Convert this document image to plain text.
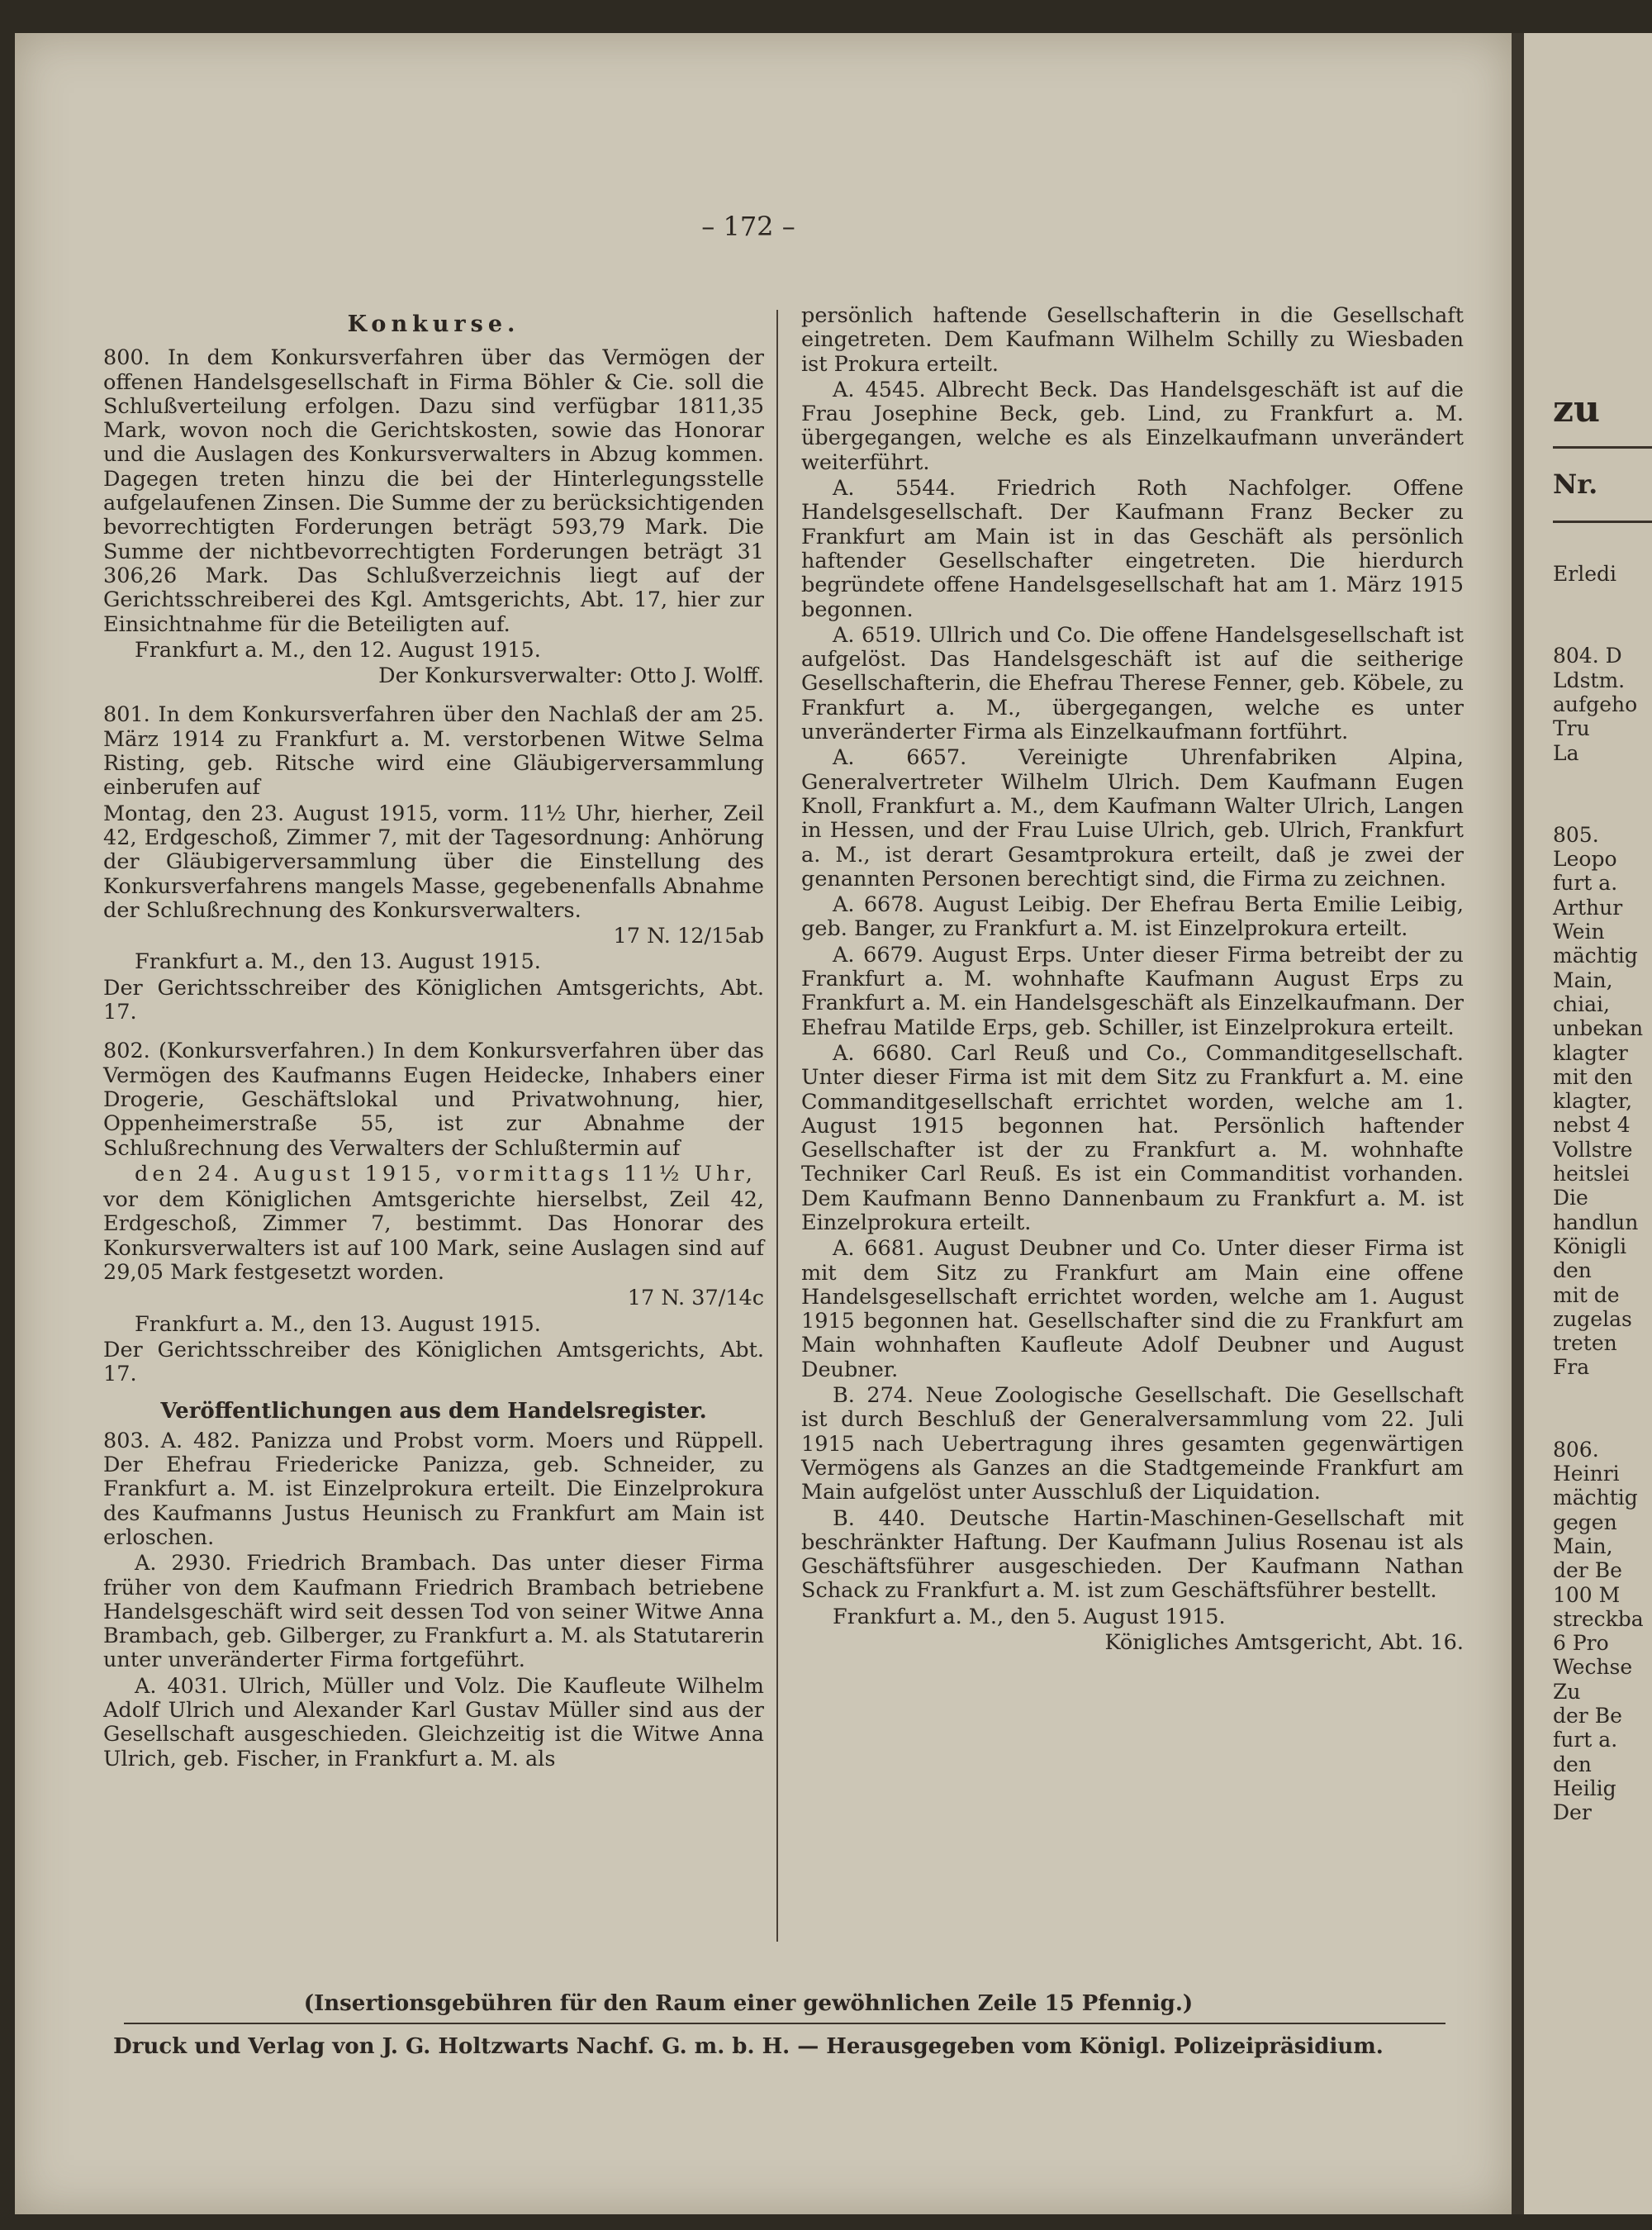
– 172 –
Konkurse.

800. In dem Konkursverfahren über das Vermögen der offenen Handelsgesellschaft in Firma Böhler & Cie. soll die Schlußverteilung erfolgen. Dazu sind verfügbar 1811,35 Mark, wovon noch die Gerichtskosten, sowie das Honorar und die Auslagen des Konkursverwalters in Abzug kommen. Dagegen treten hinzu die bei der Hinterlegungsstelle aufgelaufenen Zinsen. Die Summe der zu berücksichtigenden bevorrechtigten Forderungen beträgt 593,79 Mark. Die Summe der nichtbevorrechtigten Forderungen beträgt 31 306,26 Mark. Das Schlußverzeichnis liegt auf der Gerichtsschreiberei des Kgl. Amtsgerichts, Abt. 17, hier zur Einsichtnahme für die Beteiligten auf.

Frankfurt a. M., den 12. August 1915.

Der Konkursverwalter: Otto J. Wolff.

801. In dem Konkursverfahren über den Nachlaß der am 25. März 1914 zu Frankfurt a. M. verstorbenen Witwe Selma Risting, geb. Ritsche wird eine Gläubigerversammlung einberufen auf

Montag, den 23. August 1915, vorm. 11½ Uhr, hierher, Zeil 42, Erdgeschoß, Zimmer 7, mit der Tagesordnung: Anhörung der Gläubigerversammlung über die Einstellung des Konkursverfahrens mangels Masse, gegebenenfalls Abnahme der Schlußrechnung des Konkursverwalters.

17 N. 12/15ab

Frankfurt a. M., den 13. August 1915.

Der Gerichtsschreiber des Königlichen Amtsgerichts, Abt. 17.

802. (Konkursverfahren.) In dem Konkursverfahren über das Vermögen des Kaufmanns Eugen Heidecke, Inhabers einer Drogerie, Geschäftslokal und Privatwohnung, hier, Oppenheimerstraße 55, ist zur Abnahme der Schlußrechnung des Verwalters der Schlußtermin auf

den 24. August 1915, vormittags 11½ Uhr,

vor dem Königlichen Amtsgerichte hierselbst, Zeil 42, Erdgeschoß, Zimmer 7, bestimmt. Das Honorar des Konkursverwalters ist auf 100 Mark, seine Auslagen sind auf 29,05 Mark festgesetzt worden.

17 N. 37/14c

Frankfurt a. M., den 13. August 1915.

Der Gerichtsschreiber des Königlichen Amtsgerichts, Abt. 17.

Veröffentlichungen aus dem Handelsregister.

803. A. 482. Panizza und Probst vorm. Moers und Rüppell. Der Ehefrau Friedericke Panizza, geb. Schneider, zu Frankfurt a. M. ist Einzelprokura erteilt. Die Einzelprokura des Kaufmanns Justus Heunisch zu Frankfurt am Main ist erloschen.

A. 2930. Friedrich Brambach. Das unter dieser Firma früher von dem Kaufmann Friedrich Brambach betriebene Handelsgeschäft wird seit dessen Tod von seiner Witwe Anna Brambach, geb. Gilberger, zu Frankfurt a. M. als Statutarerin unter unveränderter Firma fortgeführt.

A. 4031. Ulrich, Müller und Volz. Die Kaufleute Wilhelm Adolf Ulrich und Alexander Karl Gustav Müller sind aus der Gesellschaft ausgeschieden. Gleichzeitig ist die Witwe Anna Ulrich, geb. Fischer, in Frankfurt a. M. als

persönlich haftende Gesellschafterin in die Gesellschaft eingetreten. Dem Kaufmann Wilhelm Schilly zu Wiesbaden ist Prokura erteilt.

A. 4545. Albrecht Beck. Das Handelsgeschäft ist auf die Frau Josephine Beck, geb. Lind, zu Frankfurt a. M. übergegangen, welche es als Einzelkaufmann unverändert weiterführt.

A. 5544. Friedrich Roth Nachfolger. Offene Handelsgesellschaft. Der Kaufmann Franz Becker zu Frankfurt am Main ist in das Geschäft als persönlich haftender Gesellschafter eingetreten. Die hierdurch begründete offene Handelsgesellschaft hat am 1. März 1915 begonnen.

A. 6519. Ullrich und Co. Die offene Handelsgesellschaft ist aufgelöst. Das Handelsgeschäft ist auf die seitherige Gesellschafterin, die Ehefrau Therese Fenner, geb. Köbele, zu Frankfurt a. M., übergegangen, welche es unter unveränderter Firma als Einzelkaufmann fortführt.

A. 6657. Vereinigte Uhrenfabriken Alpina, Generalvertreter Wilhelm Ulrich. Dem Kaufmann Eugen Knoll, Frankfurt a. M., dem Kaufmann Walter Ulrich, Langen in Hessen, und der Frau Luise Ulrich, geb. Ulrich, Frankfurt a. M., ist derart Gesamtprokura erteilt, daß je zwei der genannten Personen berechtigt sind, die Firma zu zeichnen.

A. 6678. August Leibig. Der Ehefrau Berta Emilie Leibig, geb. Banger, zu Frankfurt a. M. ist Einzelprokura erteilt.

A. 6679. August Erps. Unter dieser Firma betreibt der zu Frankfurt a. M. wohnhafte Kaufmann August Erps zu Frankfurt a. M. ein Handelsgeschäft als Einzelkaufmann. Der Ehefrau Matilde Erps, geb. Schiller, ist Einzelprokura erteilt.

A. 6680. Carl Reuß und Co., Commanditgesellschaft. Unter dieser Firma ist mit dem Sitz zu Frankfurt a. M. eine Commanditgesellschaft errichtet worden, welche am 1. August 1915 begonnen hat. Persönlich haftender Gesellschafter ist der zu Frankfurt a. M. wohnhafte Techniker Carl Reuß. Es ist ein Commanditist vorhanden. Dem Kaufmann Benno Dannenbaum zu Frankfurt a. M. ist Einzelprokura erteilt.

A. 6681. August Deubner und Co. Unter dieser Firma ist mit dem Sitz zu Frankfurt am Main eine offene Handelsgesellschaft errichtet worden, welche am 1. August 1915 begonnen hat. Gesellschafter sind die zu Frankfurt am Main wohnhaften Kaufleute Adolf Deubner und August Deubner.

B. 274. Neue Zoologische Gesellschaft. Die Gesellschaft ist durch Beschluß der Generalversammlung vom 22. Juli 1915 nach Uebertragung ihres gesamten gegenwärtigen Vermögens als Ganzes an die Stadtgemeinde Frankfurt am Main aufgelöst unter Ausschluß der Liquidation.

B. 440. Deutsche Hartin-Maschinen-Gesellschaft mit beschränkter Haftung. Der Kaufmann Julius Rosenau ist als Geschäftsführer ausgeschieden. Der Kaufmann Nathan Schack zu Frankfurt a. M. ist zum Geschäftsführer bestellt.

Frankfurt a. M., den 5. August 1915.

Königliches Amtsgericht, Abt. 16.

(Insertionsgebühren für den Raum einer gewöhnlichen Zeile 15 Pfennig.)
Druck und Verlag von J. G. Holtzwarts Nachf. G. m. b. H. — Herausgegeben vom Königl. Polizeipräsidium.
zu
Nr.
Erledi
804. D
Ldstm.
aufgeho
Tru
La
805.
Leopo
furt a.
Arthur
Wein
mächtig
Main,
chiai,
unbekan
klagter
mit den
klagter,
nebst 4
Vollstre
heitslei
Die
handlun
Königli
den
mit de
zugelas
treten
Fra
806.
Heinri
mächtig
gegen
Main,
der Be
100 M
streckba
6 Pro
Wechse
Zu
der Be
furt a.
den
Heilig
Der
